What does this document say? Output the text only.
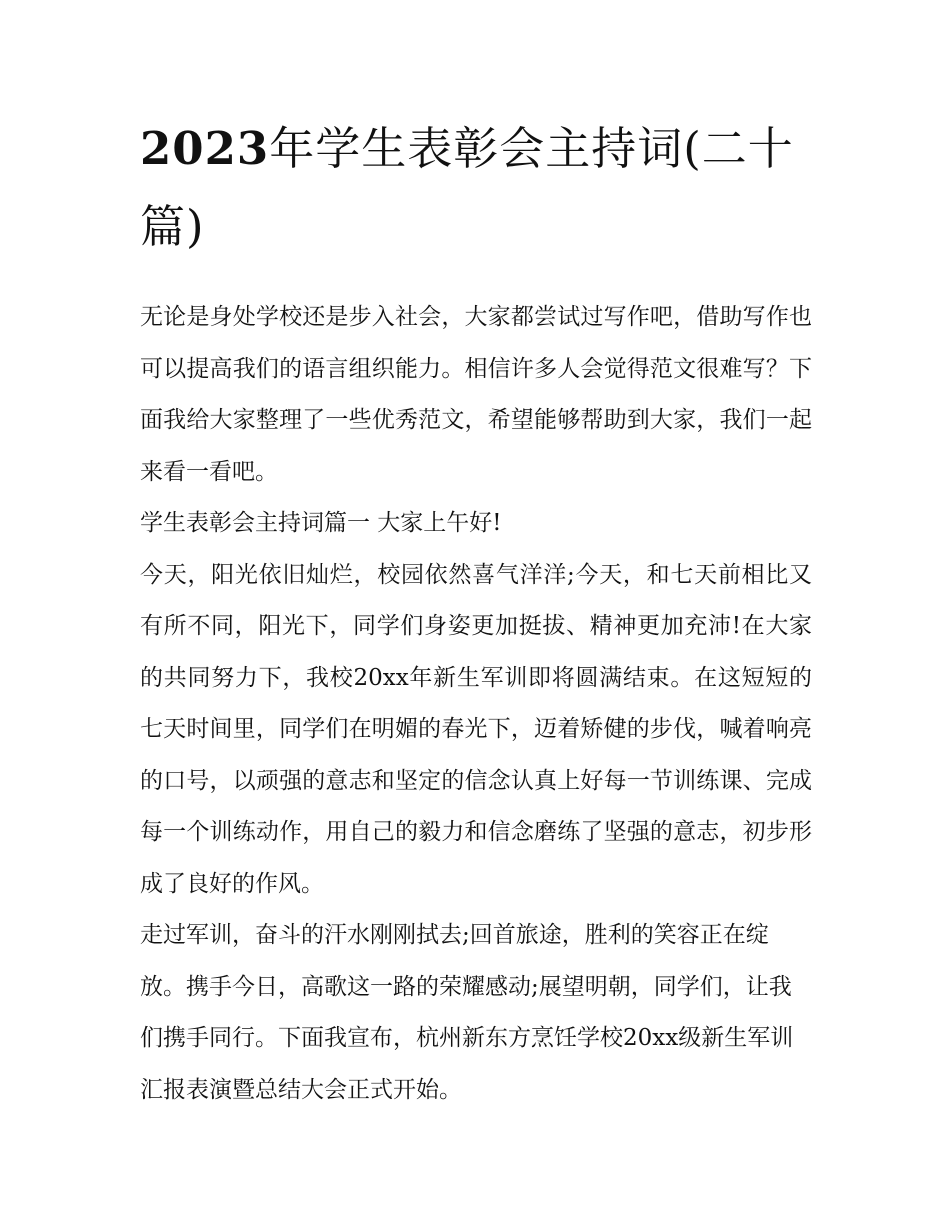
2023年学生表彰会主持词(二十篇)

无论是身处学校还是步入社会，大家都尝试过写作吧，借助写作也可以提高我们的语言组织能力。相信许多人会觉得范文很难写？下面我给大家整理了一些优秀范文，希望能够帮助到大家，我们一起来看一看吧。

学生表彰会主持词篇一 大家上午好!

今天，阳光依旧灿烂，校园依然喜气洋洋;今天，和七天前相比又有所不同，阳光下，同学们身姿更加挺拔、精神更加充沛!在大家的共同努力下，我校20xx年新生军训即将圆满结束。在这短短的七天时间里，同学们在明媚的春光下，迈着矫健的步伐，喊着响亮的口号，以顽强的意志和坚定的信念认真上好每一节训练课、完成每一个训练动作，用自己的毅力和信念磨练了坚强的意志，初步形成了良好的作风。

走过军训，奋斗的汗水刚刚拭去;回首旅途，胜利的笑容正在绽放。携手今日，高歌这一路的荣耀感动;展望明朝，同学们，让我们携手同行。下面我宣布，杭州新东方烹饪学校20xx级新生军训汇报表演暨总结大会正式开始。
